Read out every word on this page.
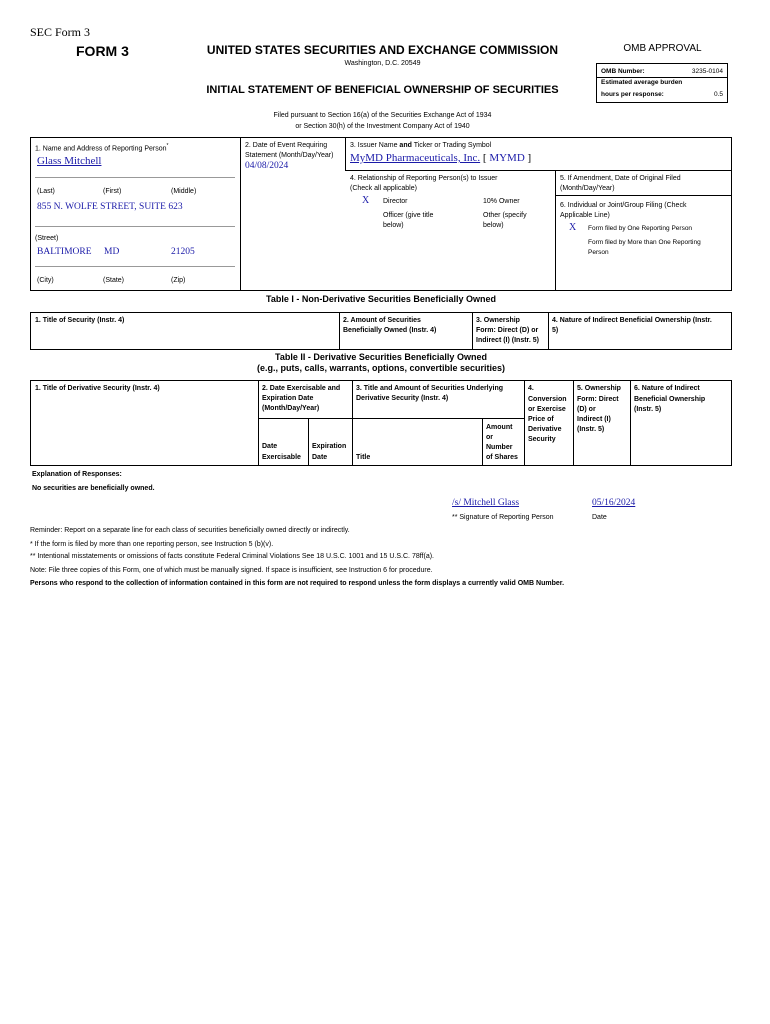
SEC Form 3
FORM 3	UNITED STATES SECURITIES AND EXCHANGE COMMISSION
Washington, D.C. 20549
INITIAL STATEMENT OF BENEFICIAL OWNERSHIP OF SECURITIES
Filed pursuant to Section 16(a) of the Securities Exchange Act of 1934
or Section 30(h) of the Investment Company Act of 1940
OMB APPROVAL
OMB Number:	3235-0104
Estimated average burden
hours per response:	0.5
1. Name and Address of Reporting Person*
Glass Mitchell
(Last)	(First)	(Middle)
855 N. WOLFE STREET, SUITE 623
(Street)
BALTIMORE MD	21205
(City)	(State)	(Zip)
2. Date of Event Requiring
Statement (Month/Day/Year)
04/08/2024
3. Issuer Name and Ticker or Trading Symbol
MyMD Pharmaceuticals, Inc. [ MYMD ]
4. Relationship of Reporting Person(s) to Issuer
(Check all applicable)
X Director	10% Owner
Officer (give title
below)
Other (specify
below)
5. If Amendment, Date of Original Filed
(Month/Day/Year)
6. Individual or Joint/Group Filing (Check
Applicable Line)
X Form filed by One Reporting Person
Form filed by More than One Reporting
Person
Table I - Non-Derivative Securities Beneficially Owned
1. Title of Security (Instr. 4)	2. Amount of Securities
Beneficially Owned (Instr. 4)
3. Ownership
Form: Direct (D) or
Indirect (I) (Instr. 5)
4. Nature of Indirect Beneficial Ownership (Instr.
5)
Table II - Derivative Securities Beneficially Owned
(e.g., puts, calls, warrants, options, convertible securities)
1. Title of Derivative Security (Instr. 4)	2. Date Exercisable and
Expiration Date
(Month/Day/Year)
Date
Exercisable
Expiration
Date
3. Title and Amount of Securities Underlying
Derivative Security (Instr. 4)
Title
Amount
or
Number
of Shares
4.
Conversion
or Exercise
Price of
Derivative
Security
5. Ownership
Form: Direct
(D) or
Indirect (I)
(Instr. 5)
6. Nature of Indirect
Beneficial Ownership
(Instr. 5)
Explanation of Responses:
No securities are beneficially owned.
/s/ Mitchell Glass	05/16/2024
** Signature of Reporting Person	Date
Reminder: Report on a separate line for each class of securities beneficially owned directly or indirectly.
* If the form is filed by more than one reporting person, see Instruction 5 (b)(v).
** Intentional misstatements or omissions of facts constitute Federal Criminal Violations See 18 U.S.C. 1001 and 15 U.S.C. 78ff(a).
Note: File three copies of this Form, one of which must be manually signed. If space is insufficient, see Instruction 6 for procedure.
Persons who respond to the collection of information contained in this form are not required to respond unless the form displays a currently valid OMB Number.
